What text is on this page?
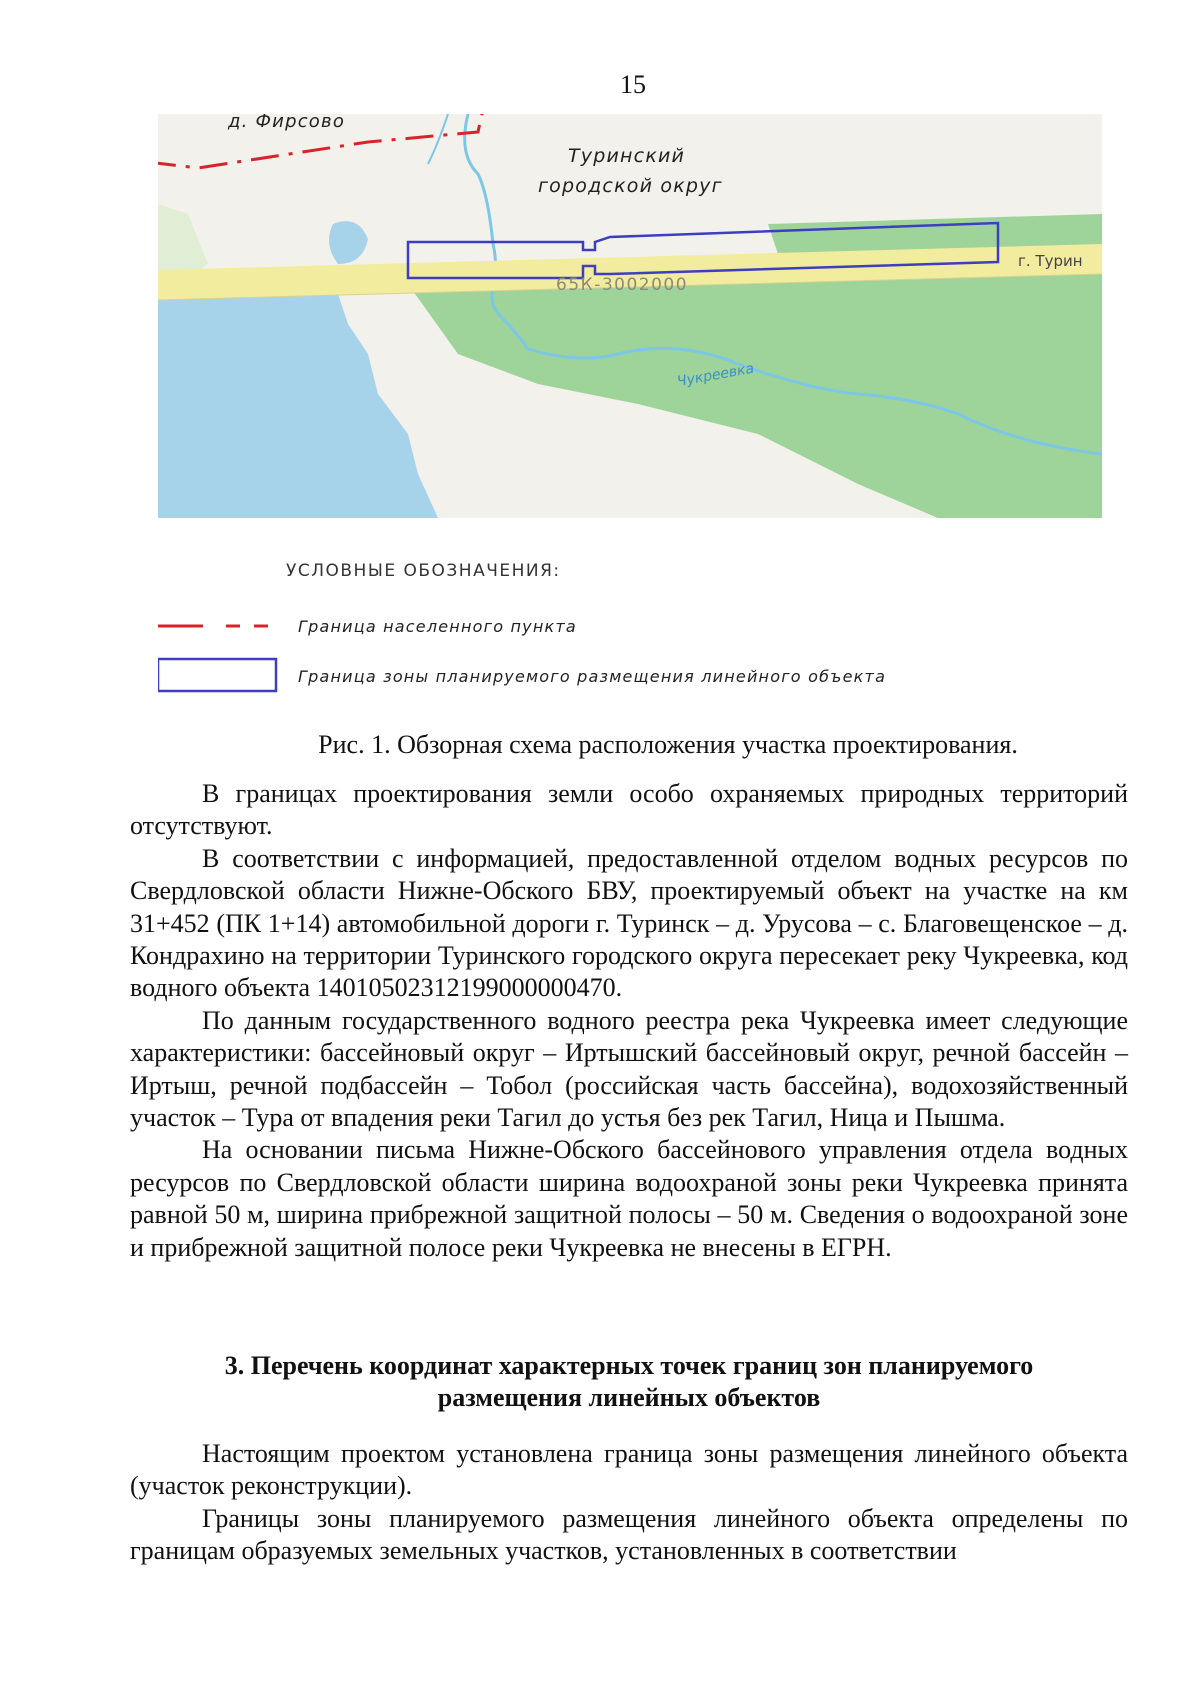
15
д. Фирсово
Туринский
городской округ
65К-3002000
г. Турин
Чукреевка
УСЛОВНЫЕ ОБОЗНАЧЕНИЯ:
Граница населенного пункта
Граница зоны планируемого размещения линейного объекта
Рис. 1. Обзорная схема расположения участка проектирования.

В границах проектирования земли особо охраняемых природных территорий отсутствуют.

В соответствии с информацией, предоставленной отделом водных ресурсов по Свердловской области Нижне-Обского БВУ, проектируемый объект на участке на км 31+452 (ПК 1+14) автомобильной дороги г. Туринск – д. Урусова – с. Благовещенское – д. Кондрахино на территории Туринского городского округа пересекает реку Чукреевка, код водного объекта 14010502312199000000470.

По данным государственного водного реестра река Чукреевка имеет следующие характеристики: бассейновый округ – Иртышский бассейновый округ, речной бассейн – Иртыш, речной подбассейн – Тобол (российская часть бассейна), водохозяйственный участок – Тура от впадения реки Тагил до устья без рек Тагил, Ница и Пышма.

На основании письма Нижне-Обского бассейнового управления отдела водных ресурсов по Свердловской области ширина водоохраной зоны реки Чукреевка принята равной 50 м, ширина прибрежной защитной полосы – 50 м. Сведения о водоохраной зоне и прибрежной защитной полосе реки Чукреевка не внесены в ЕГРН.

3. Перечень координат характерных точек границ зон планируемого
размещения линейных объектов

Настоящим проектом установлена граница зоны размещения линейного объекта (участок реконструкции).

Границы зоны планируемого размещения линейного объекта определены по границам образуемых земельных участков, установленных в соответствии
